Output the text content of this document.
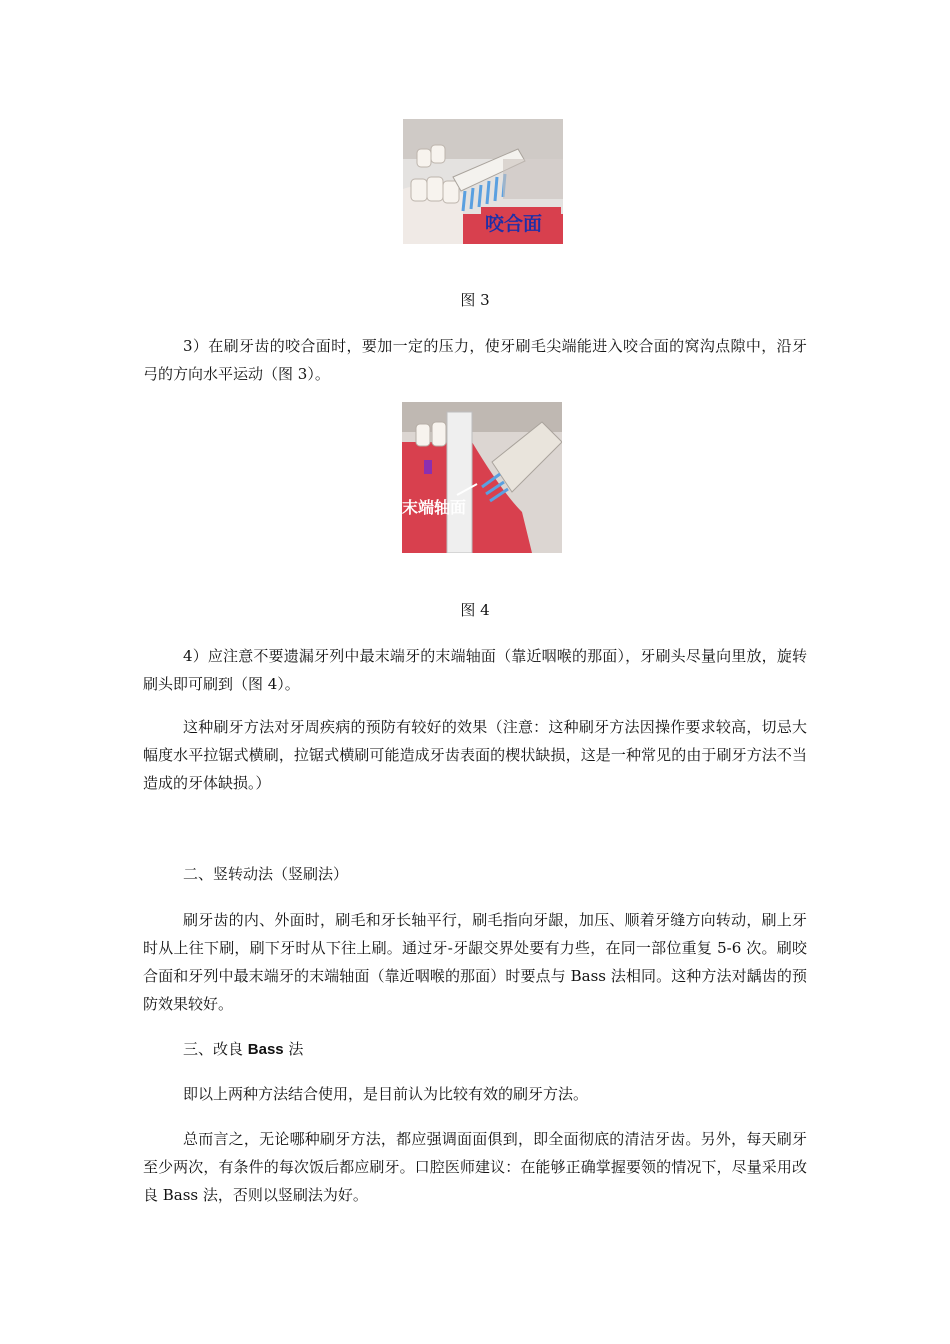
咬合面
图 3

3）在刷牙齿的咬合面时，要加一定的压力，使牙刷毛尖端能进入咬合面的窝沟点隙中，沿牙弓的方向水平运动（图 3）。

末端轴面
图 4

4）应注意不要遗漏牙列中最末端牙的末端轴面（靠近咽喉的那面），牙刷头尽量向里放，旋转刷头即可刷到（图 4）。

这种刷牙方法对牙周疾病的预防有较好的效果（注意：这种刷牙方法因操作要求较高，切忌大幅度水平拉锯式横刷，拉锯式横刷可能造成牙齿表面的楔状缺损，这是一种常见的由于刷牙方法不当造成的牙体缺损。）

二、竖转动法（竖刷法）

刷牙齿的内、外面时，刷毛和牙长轴平行，刷毛指向牙龈，加压、顺着牙缝方向转动，刷上牙时从上往下刷，刷下牙时从下往上刷。通过牙-牙龈交界处要有力些，在同一部位重复 5-6 次。刷咬合面和牙列中最末端牙的末端轴面（靠近咽喉的那面）时要点与 Bass 法相同。这种方法对龋齿的预防效果较好。

三、改良 Bass 法

即以上两种方法结合使用，是目前认为比较有效的刷牙方法。

总而言之，无论哪种刷牙方法，都应强调面面俱到，即全面彻底的清洁牙齿。另外，每天刷牙至少两次，有条件的每次饭后都应刷牙。口腔医师建议：在能够正确掌握要领的情况下，尽量采用改良 Bass 法，否则以竖刷法为好。
